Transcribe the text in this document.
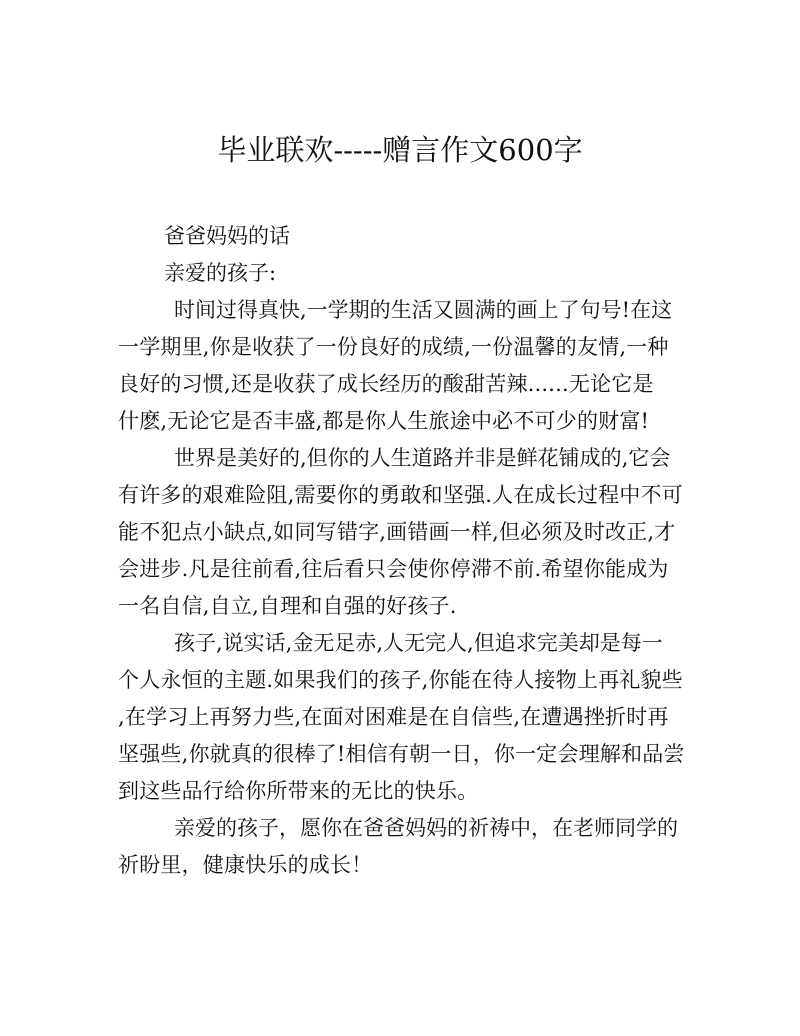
毕业联欢-----赠言作文600字
爸爸妈妈的话
亲爱的孩子:
时间过得真快,一学期的生活又圆满的画上了句号!在这
一学期里,你是收获了一份良好的成绩,一份温馨的友情,一种
良好的习惯,还是收获了成长经历的酸甜苦辣......无论它是
什麽,无论它是否丰盛,都是你人生旅途中必不可少的财富!
世界是美好的,但你的人生道路并非是鲜花铺成的,它会
有许多的艰难险阻,需要你的勇敢和坚强.人在成长过程中不可
能不犯点小缺点,如同写错字,画错画一样,但必须及时改正,才
会进步.凡是往前看,往后看只会使你停滞不前.希望你能成为
一名自信,自立,自理和自强的好孩子.
孩子,说实话,金无足赤,人无完人,但追求完美却是每一
个人永恒的主题.如果我们的孩子,你能在待人接物上再礼貌些
,在学习上再努力些,在面对困难是在自信些,在遭遇挫折时再
坚强些,你就真的很棒了!相信有朝一日，你一定会理解和品尝
到这些品行给你所带来的无比的快乐。
亲爱的孩子，愿你在爸爸妈妈的祈祷中，在老师同学的
祈盼里，健康快乐的成长！
